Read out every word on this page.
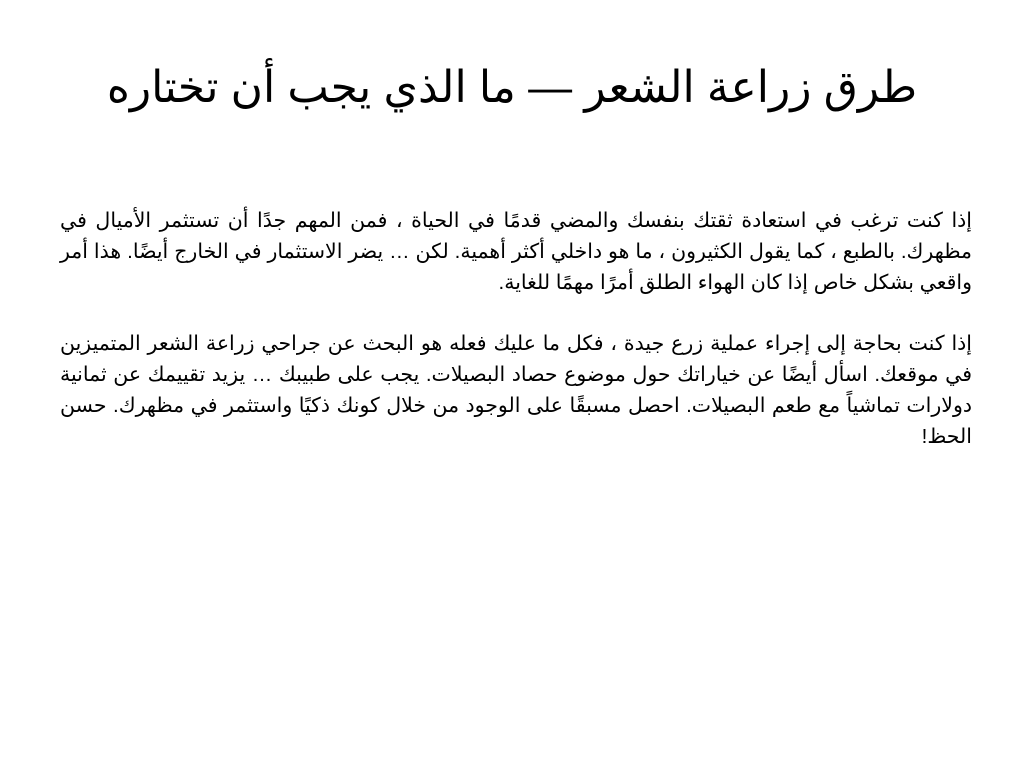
طرق زراعة الشعر — ما الذي يجب أن تختاره

إذا كنت ترغب في استعادة ثقتك بنفسك والمضي قدمًا في الحياة ، فمن المهم جدًا أن تستثمر الأميال في مظهرك. بالطبع ، كما يقول الكثيرون ، ما هو داخلي أكثر أهمية. لكن … يضر الاستثمار في الخارج أيضًا. هذا أمر واقعي بشكل خاص إذا كان الهواء الطلق أمرًا مهمًا للغاية.

إذا كنت بحاجة إلى إجراء عملية زرع جيدة ، فكل ما عليك فعله هو البحث عن جراحي زراعة الشعر المتميزين في موقعك. اسأل أيضًا عن خياراتك حول موضوع حصاد البصيلات. يجب على طبيبك … يزيد تقييمك عن ثمانية دولارات تماشياً مع طعم البصيلات. احصل مسبقًا على الوجود من خلال كونك ذكيًا واستثمر في مظهرك. حسن الحظ!
